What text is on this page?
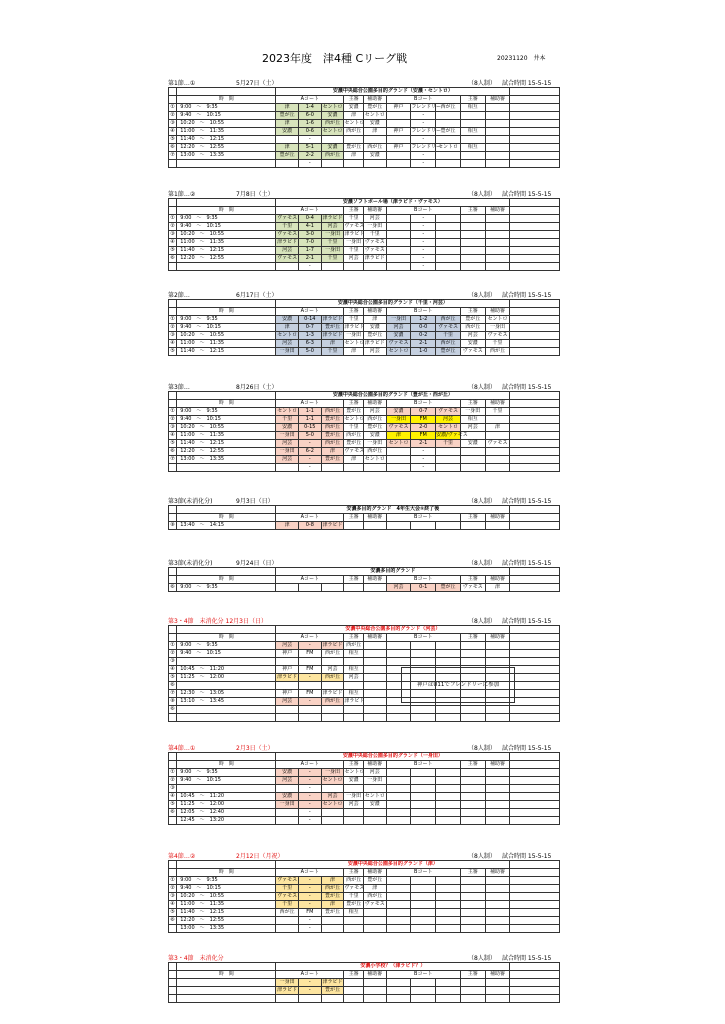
2023年度　津4種 Cリーグ戦	20231120　井本
神戸はU11でフレンドリーに参加
第1節…①	5月27日（土）	（8人制） 試合時間 15-5-15
		安濃中央総合公園多目的グランド（安濃・セントロ）										
	時　間	Aコート			主審	補助審	Bコート			主審	補助審	
①	9:00　～　9:35	津	1-4	セントロ	安濃	豊が丘	神戸	フレンドリー	西が丘	相互		
②	9:40　～　10:15	豊が丘	6-0	安濃	津	セントロ		-				
③	10:20　～　10:55	津	1-6	西が丘	セントロ	安濃		-				
④	11:00　～　11:35	安濃	0-6	セントロ	西が丘	津	神戸	フレンドリー	豊が丘	相互		
⑤	11:40　～　12:15		-					-				
⑥	12:20　～　12:55	津	5-1	安濃	豊が丘	西が丘	神戸	フレンドリー	セントロ	相互		
⑦	13:00　～　13:35	豊が丘	2-2	西が丘	津	安濃		-				
			-					-				
第1節…②	7月8日（土）	（8人制） 試合時間 15-5-15
		安濃ソフトボール場（津ラピド・ヴァモス）										
	時　間	Aコート			主審	補助審	Bコート			主審	補助審	
①	9:00　～　9:35	ヴァモス	0-4	津ラピド	千里	河芸		-				
②	9:40　～　10:15	千里	4-1	河芸	ヴァモス	一身田		-				
③	10:20　～　10:55	ヴァモス	3-0	一身田	津ラピド	千里		-				
④	11:00　～　11:35	津ラピド	7-0	千里	一身田	ヴァモス		-				
⑤	11:40　～　12:15	河芸	1-7	一身田	千里	ヴァモス		-				
⑥	12:20　～　12:55	ヴァモス	2-1	千里	河芸	津ラピド		-				
			-					-				
第2節…	6月17日（土）	（8人制） 試合時間 15-5-15
		安濃中央総合公園多目的グランド（千里・河芸）										
	時　間	Aコート			主審	補助審	Bコート			主審	補助審	
①	9:00　～　9:35	安濃	0-14	津ラピド	千里	津	一身田	1-2	西が丘	豊が丘	セントロ	
②	9:40　～　10:15	津	0-7	豊が丘	津ラピド	安濃	河芸	0-0	ヴァモス	西が丘	一身田	
③	10:20　～　10:55	セントロ	1-3	津ラピド	一身田	豊が丘	安濃	0-2	千里	河芸	ヴァモス	
④	11:00　～　11:35	河芸	6-3	津	セントロ	津ラピド	ヴァモス	2-1	西が丘	安濃	千里	
⑤	11:40　～　12:15	一身田	5-0	千里	津	河芸	セントロ	1-0	豊が丘	ヴァモス	西が丘	
第3節…	8月26日（土）	（8人制） 試合時間 15-5-15
		安濃中央総合公園多目的グランド（豊が丘・西が丘）										
	時　間	Aコート			主審	補助審	Bコート			主審	補助審	
①	9:00　～　9:35	セントロ	1-1	西が丘	豊が丘	河芸	安濃	0-7	ヴァモス	一身田	千里	
②	9:40　～　10:15	千里	1-1	豊が丘	セントロ	西が丘	一身田	FM	河芸	相互		
③	10:20　～　10:55	安濃	0-15	西が丘	千里	豊が丘	ヴァモス	2-0	セントロ	河芸	津	
④	11:00　～　11:35	一身田	5-0	豊が丘	西が丘	安濃	津	FM	安濃/ヴァモス			
⑤	11:40　～　12:15	河芸	-	西が丘	豊が丘	一身田	セントロ	2-1	千里	安濃	ヴァモス	
⑥	12:20　～　12:55	一身田	6-2	津	ヴァモス	西が丘		-				
⑦	13:00　～　13:35	河芸	-	豊が丘	津	セントロ		-				
			-					-				
第3節(未消化分)	9月3日（日）	（8人制） 試合時間 15-5-15
		安濃多目的グランド　4年生大会①終了後										
	時　間	Aコート			主審	補助審	Bコート			主審	補助審	
⑧	13:40　～　14:15	津	0-8	津ラピド								
第3節(未消化分)	9月24日（日）	（8人制） 試合時間 15-5-15
		安濃多目的グランド										
	時　間	Aコート			主審	補助審	Bコート			主審	補助審	
⑥	9:00　～　9:35						河芸	0-1	豊が丘	ヴァモス	津	
第3・4節　未消化分 12月3日（日）	（8人制） 試合時間 15-5-15
		安濃中央総合公園多目的グランド（河芸）										
	時　間	Aコート			主審	補助審	Bコート			主審	補助審	
①	9:00　～　9:35	河芸	-	津ラピド	西が丘							
②	9:40　～　10:15	神戸	FM	西が丘	相互							
③												
④	10:45　～　11:20	神戸	FM	河芸	相互							
⑤	11:25　～　12:00	津ラピド	-	西が丘	河芸							
⑥												
⑦	12:30　～　13:05	神戸	FM	津ラピド	相互							
⑧	13:10　～　13:45	河芸	-	西が丘	津ラピド							
⑥												

第4節…①	2月3日（土）	（8人制） 試合時間 15-5-15
		安濃中央総合公園多目的グランド（一身田）										
	時　間	Aコート			主審	補助審	Bコート			主審	補助審	
①	9:00　～　9:35	安濃	-	一身田	セントロ	河芸						
②	9:40　～　10:15	河芸	-	セントロ	安濃	一身田						
③			-									
④	10:45　～　11:20	安濃	-	河芸	一身田	セントロ						
⑤	11:25　～　12:00	一身田	-	セントロ	河芸	安濃						
⑥	12:05　～　12:40		-									
	12:45　～　13:20		-									
第4節…②	2月12日（月祝）	（8人制） 試合時間 15-5-15
		安濃中央総合公園多目的グランド（津）										
	時　間	Aコート			主審	補助審	Bコート			主審	補助審	
①	9:00　～　9:35	ヴァモス	-	津	西が丘	豊が丘						
②	9:40　～　10:15	千里	-	西が丘	ヴァモス	津						
③	10:20　～　10:55	ヴァモス	-	豊が丘	千里	西が丘						
④	11:00　～　11:35	千里	-	津	豊が丘	ヴァモス						
⑤	11:40　～　12:15	西が丘	FM	豊が丘	相互							
⑥	12:20　～　12:55		-									
	13:00　～　13:35		-									
第3・4節　未消化分	（8人制） 試合時間 15-5-15
		安濃小学校？（津ラピド？）										
	時　間	Aコート			主審	補助審	Bコート			主審	補助審	
		一身田	-	津ラピド								
		津ラピド	-	豊が丘								
